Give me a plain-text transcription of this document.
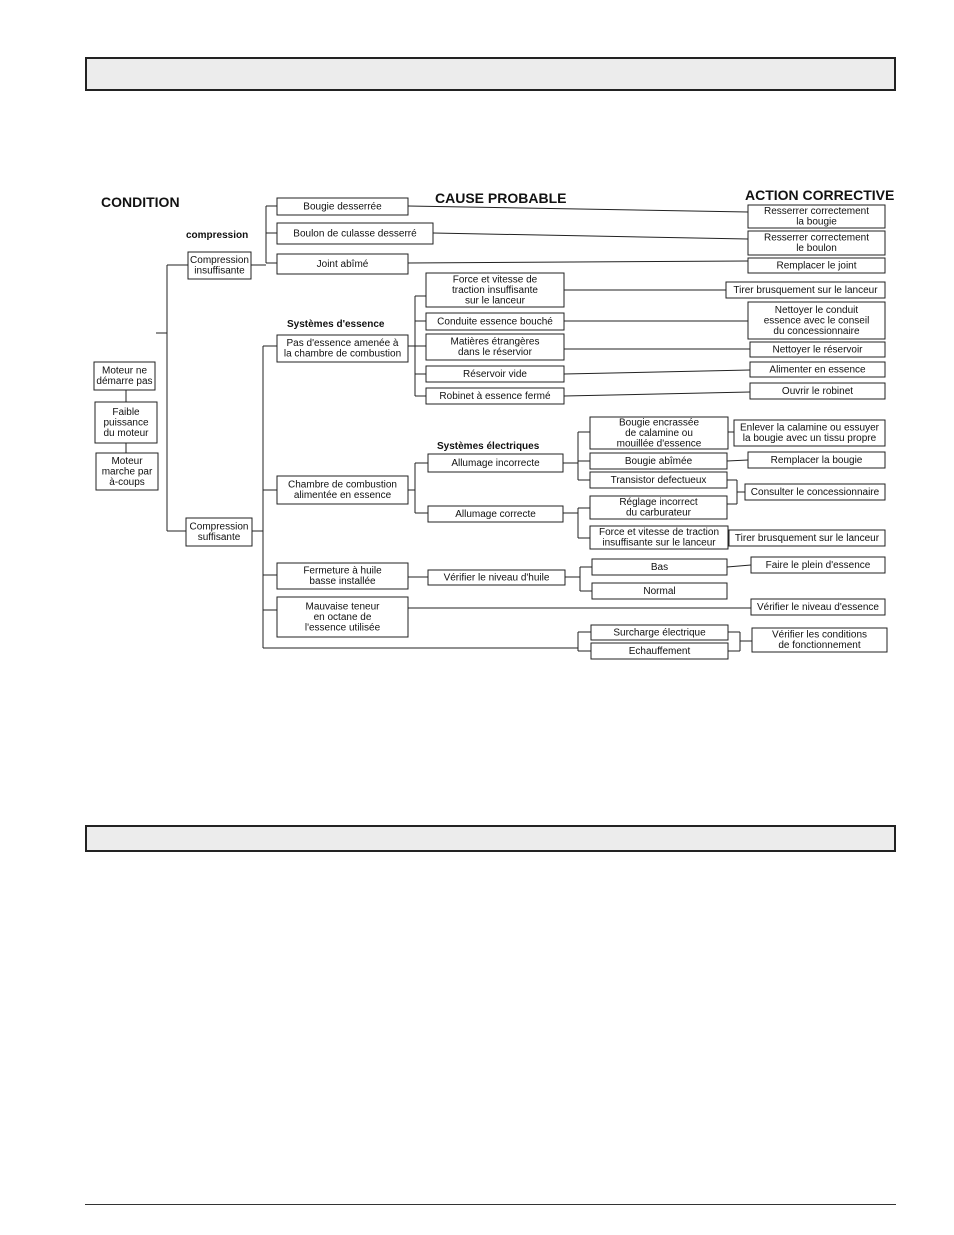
CONDITION	CAUSE PROBABLE	ACTION CORRECTIVE
compression
Systèmes d'essence
Systèmes électriques
Moteur ne
démarre pas
Faible
puissance
du moteur
Moteur
marche par
à-coups
Compression
insuffisante
Compression
suffisante
Bougie desserrée
Boulon de culasse desserré
Joint abîmé
Pas d'essence amenée à
la chambre de combustion
Chambre de combustion
alimentée en essence
Fermeture à huile
basse installée
Mauvaise teneur
en octane de
l'essence utilisée
Force et vitesse de
traction insuffisante
sur le lanceur
Conduite essence bouché
Matières étrangères
dans le réservior
Réservoir vide
Robinet à essence fermé
Allumage incorrecte
Allumage correcte
Bougie encrassée
de calamine ou
mouillée d'essence
Bougie abîmée
Transistor defectueux
Réglage incorrect
du carburateur
Force et vitesse de traction
insuffisante sur le lanceur
Vérifier le niveau d'huile
Bas
Normal
Surcharge électrique
Echauffement
Resserrer correctement
la bougie
Resserrer correctement
le boulon
Remplacer le joint
Tirer brusquement sur le lanceur
Nettoyer le conduit
essence avec le conseil
du concessionnaire
Nettoyer le réservoir
Alimenter en essence
Ouvrir le robinet
Enlever la calamine ou essuyer
la bougie avec un tissu propre
Remplacer la bougie
Consulter le concessionnaire
Tirer brusquement sur le lanceur
Faire le plein d'essence
Vérifier le niveau d'essence
Vérifier les conditions
de fonctionnement
